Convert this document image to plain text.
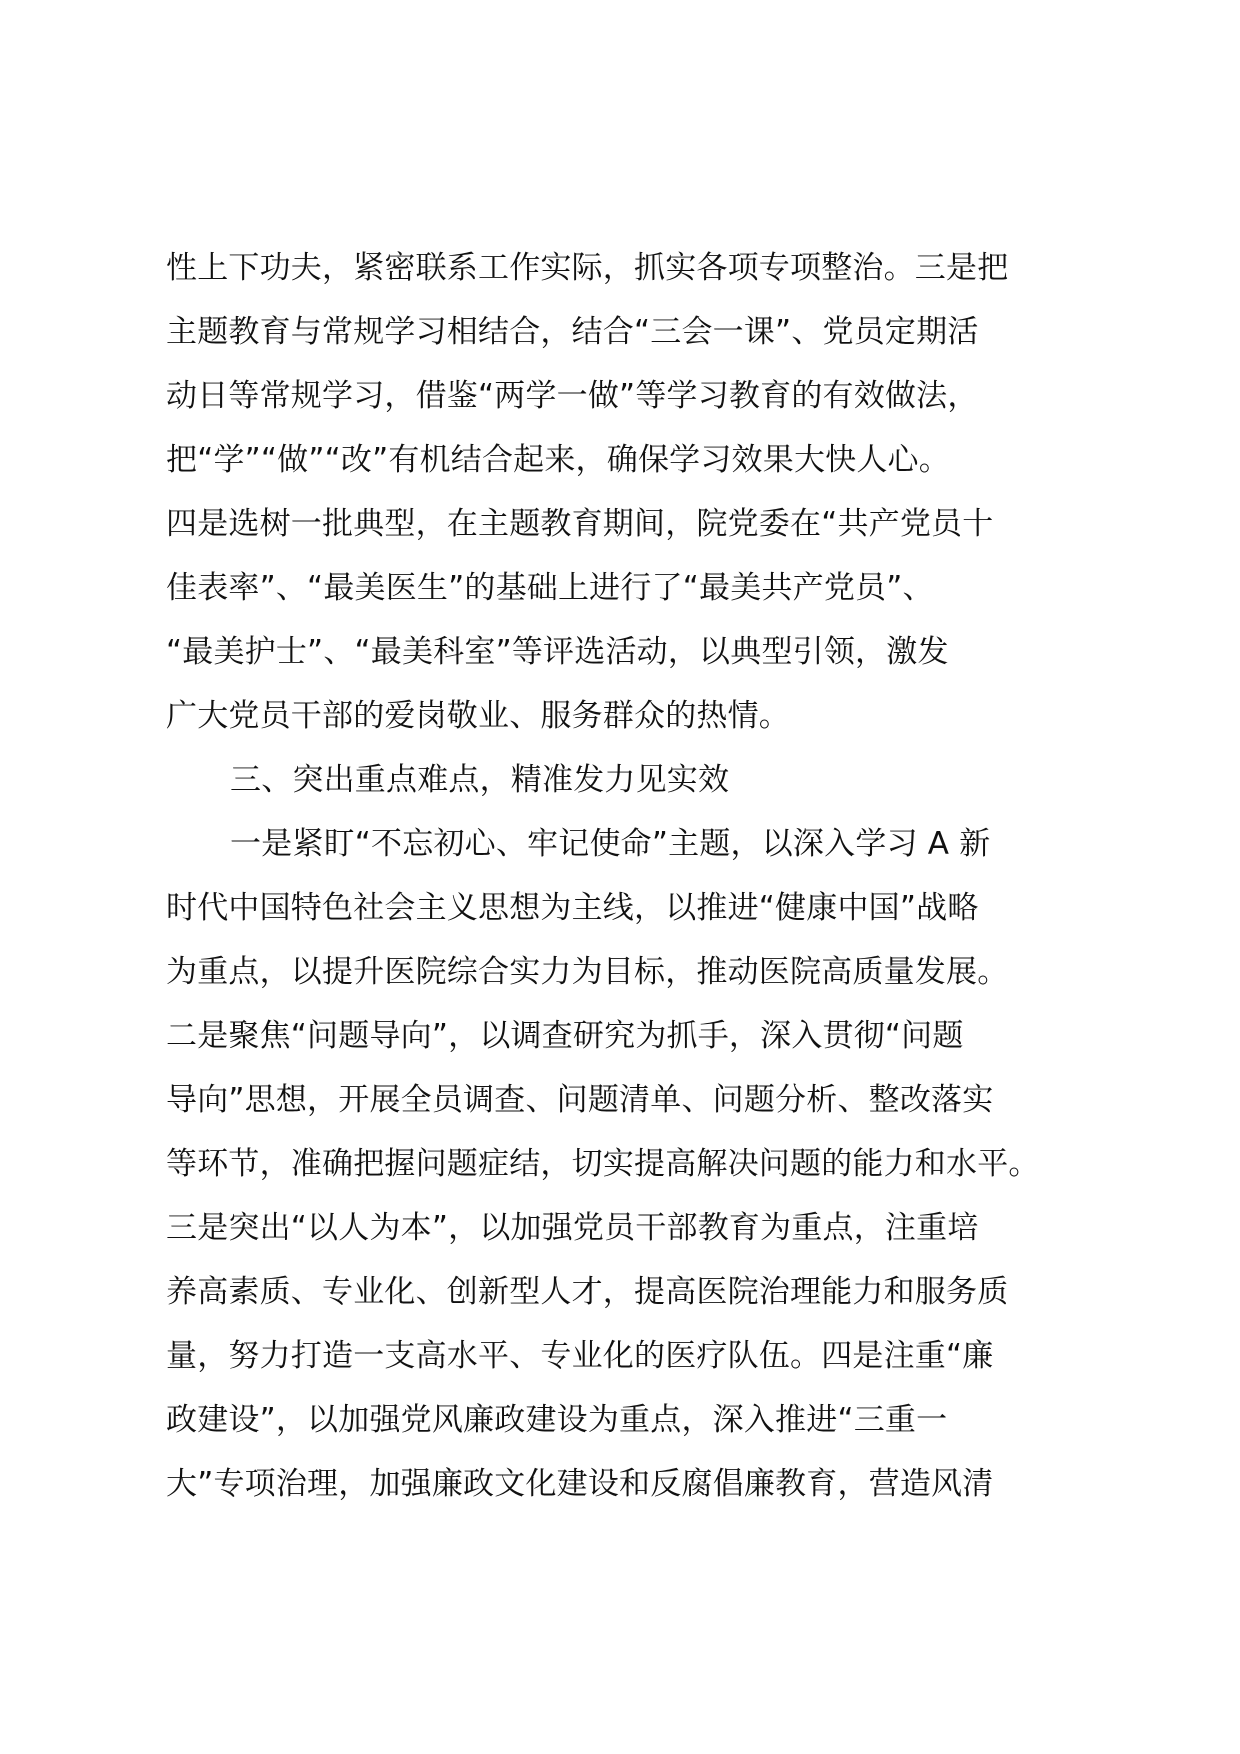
性上下功夫，紧密联系工作实际，抓实各项专项整治。三是把
主题教育与常规学习相结合，结合“三会一课”、党员定期活
动日等常规学习，借鉴“两学一做”等学习教育的有效做法，
把“学”“做”“改”有机结合起来，确保学习效果大快人心。
四是选树一批典型，在主题教育期间，院党委在“共产党员十
佳表率”、“最美医生”的基础上进行了“最美共产党员”、
“最美护士”、“最美科室”等评选活动，以典型引领，激发
广大党员干部的爱岗敬业、服务群众的热情。
三、突出重点难点，精准发力见实效
一是紧盯“不忘初心、牢记使命”主题，以深入学习 A 新
时代中国特色社会主义思想为主线，以推进“健康中国”战略
为重点，以提升医院综合实力为目标，推动医院高质量发展。
二是聚焦“问题导向”，以调查研究为抓手，深入贯彻“问题
导向”思想，开展全员调查、问题清单、问题分析、整改落实
等环节，准确把握问题症结，切实提高解决问题的能力和水平。
三是突出“以人为本”，以加强党员干部教育为重点，注重培
养高素质、专业化、创新型人才，提高医院治理能力和服务质
量，努力打造一支高水平、专业化的医疗队伍。四是注重“廉
政建设”，以加强党风廉政建设为重点，深入推进“三重一
大”专项治理，加强廉政文化建设和反腐倡廉教育，营造风清
